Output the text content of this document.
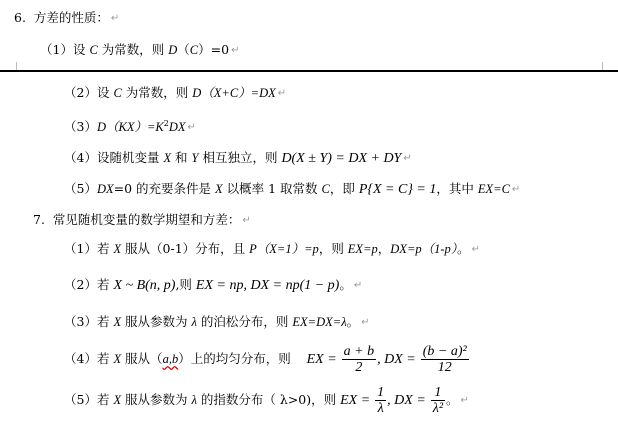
6. 方差的性质： ↵
（1）设 C 为常数，则 D（C）=0 ↵
（2）设 C 为常数，则 D（X+C）=DX ↵
$(3)D(KX)=K^2DX$ ↵
（4）设随机变量 X 和 Y 相互独立，则 D(X ± Y) = DX + DY ↵
（5）DX=0 的充要条件是 X 以概率 1 取常数 C，即 P{X = C} = 1，其中 EX=C ↵
7. 常见随机变量的数学期望和方差： ↵
（1）若 X 服从（0-1）分布，且 P（X=1）=p，则 EX=p，DX=p（1-p）。 ↵
（2）若 X ~ B(n, p),则 EX = np, DX = np(1 − p)。 ↵
（3）若 X 服从参数为 λ 的泊松分布，则 EX=DX=λ。 ↵
（4）若 X 服从（a,b）上的均匀分布，则 EX = $\frac{a + b}{2}$ , DX = $\frac{\text{(b − a)²}}{12}$
（5）若 X 服从参数为 λ 的指数分布（ λ>0)，则 EX = $\frac{1}{\lambda}$ , DX = $\frac{1}{\text{λ²}}$ 。 ↵
